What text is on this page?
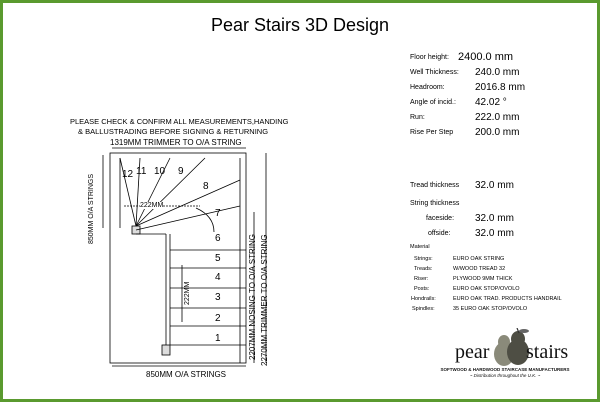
Pear Stairs 3D Design
PLEASE CHECK & CONFIRM ALL MEASUREMENTS,HANDING
& BALLUSTRADING BEFORE SIGNING & RETURNING
1319MM TRIMMER TO O/A STRING
850MM O/A STRINGS
850MM O/A STRINGS
2207MM NOSING TO O/A STRING 2270MM TRIMMER TO O/A STRING
222MM
222MM
1
2
3
4
5
6
7
8
9
10
11
12
Floor height: 2400.0 mm
Well Thickness: 240.0 mm
Headroom:	2016.8 mm
Angle of incid.: 42.02 °
Run:	222.0 mm
Rise Per Step 200.0 mm
Tread thickness 32.0 mm
String thickness
faceside: 32.0 mm
offside: 32.0 mm
Material
Strings:	EURO OAK STRING
Treads:	W/WOOD TREAD 32
Riser:	PLYWOOD 9MM THICK
Posts:	EURO OAK STOP/OVOLO
Hondrails:	EURO OAK TRAD. PRODUCTS HANDRAIL
Spindles:	35 EURO OAK STOP/OVOLO
pear stairs
SOFTWOOD & HARDWOOD STAIRCASE MANUFACTURERS
~ Distribution throughout the U.K. ~
